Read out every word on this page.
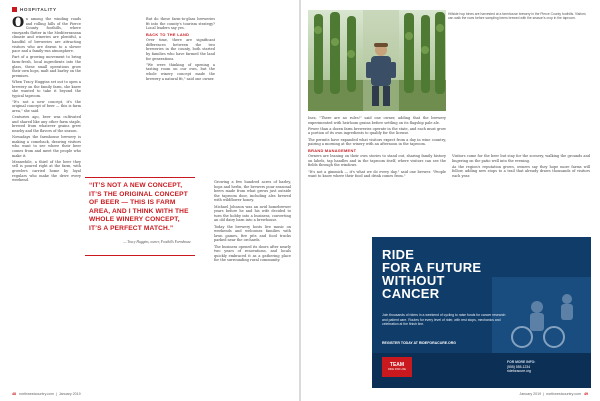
HOSPITALITY

On among the winding roads and rolling hills of the Pierce County foothills, where vineyards flutter in the Mediterranean climate and wineries are plentiful, a handful of breweries are attracting visitors who are drawn to a slower pace and a family-run atmosphere.

Part of a growing movement to bring farm-fresh, local ingredients into the glass, these small operations grow their own hops, malt and barley on the premises.

When Tracy Huggins set out to open a brewery on the family farm, she knew she wanted to take it beyond the typical taproom.

"It's not a new concept, it's the original concept of beer — this is farm area," she said.

Centuries ago, beer was cultivated and shared like any other farm staple, brewed from whatever grains grew nearby and the flavors of the season.

Nowadays the farmhouse brewery is making a comeback, drawing visitors who want to see where their beer comes from and meet the people who make it.

Meanwhile, a third of the beer they sell is poured right at the farm, with growlers carried home by loyal regulars who make the drive every weekend.

But do these farm-to-glass breweries fit into the county's tourism strategy? Local leaders say yes.

BACK TO THE LAND

Over time, there are significant differences between the two breweries in the county, both started by families who have farmed the land for generations.

"We were thinking of opening a tasting room on our own, but the whole winery concept made the brewery a natural fit," said one owner.

Growing a few hundred acres of barley, hops and herbs, the brewers pour seasonal beers made from what grows just outside the taproom door, including ales brewed with wildflower honey.

Michael Johnson was an avid homebrewer years before he and his wife decided to turn the hobby into a business, converting an old dairy barn into a brewhouse.

Today the brewery hosts live music on weekends and welcomes families with lawn games, fire pits and food trucks parked near the orchards.

The business opened its doors after nearly two years of renovations, and locals quickly embraced it as a gathering place for the surrounding rural community.

“IT’S NOT A NEW CONCEPT, IT’S THE ORIGINAL CONCEPT OF BEER — THIS IS FARM AREA, AND I THINK WITH THE WHOLE WINERY CONCEPT, IT’S A PERFECT MATCH.”
— Tracy Huggins, owner, Foothills Farmhouse
48 northwestcountry.com | January 2019
Hillside hop bines are harvested at a farmhouse brewery in the Pierce County foothills. Visitors can walk the rows before sampling beers brewed with the season's crop in the taproom.

Inez, "There are no rules!" said one owner, adding that the brewery experimented with heirloom grains before settling on its flagship pale ale.

Fewer than a dozen farm breweries operate in the state, and each must grow a portion of its own ingredients to qualify for the license.

The permits have expanded what visitors expect from a day in wine country, pairing a morning at the winery with an afternoon in the taproom.

BRAND MANAGEMENT

Owners are leaning on their own stories to stand out, sharing family history on labels, tap handles and in the taproom itself, where visitors can see the fields through the windows.

"It's not a gimmick — it's what we do every day," said one brewer. "People want to know where their food and drink comes from."

Visitors come for the beer but stay for the scenery, walking the grounds and lingering on the patio well into the evening.

As the region's reputation grows, owners say they hope more farms will follow, adding new stops to a trail that already draws thousands of visitors each year.

RIDE
FOR A FUTURE
WITHOUT
CANCER
Join thousands of riders in a weekend of cycling to raise funds for cancer research and patient care. Routes for every level of rider, with rest stops, mechanics and celebration at the finish line.
REGISTER TODAY AT RIDEFORACURE.ORG
TEAM
RIDE FOR LIFE
FOR MORE INFO:
(555) 555-1234
rideforacure.org
January 2019 | northwestcountry.com 49
